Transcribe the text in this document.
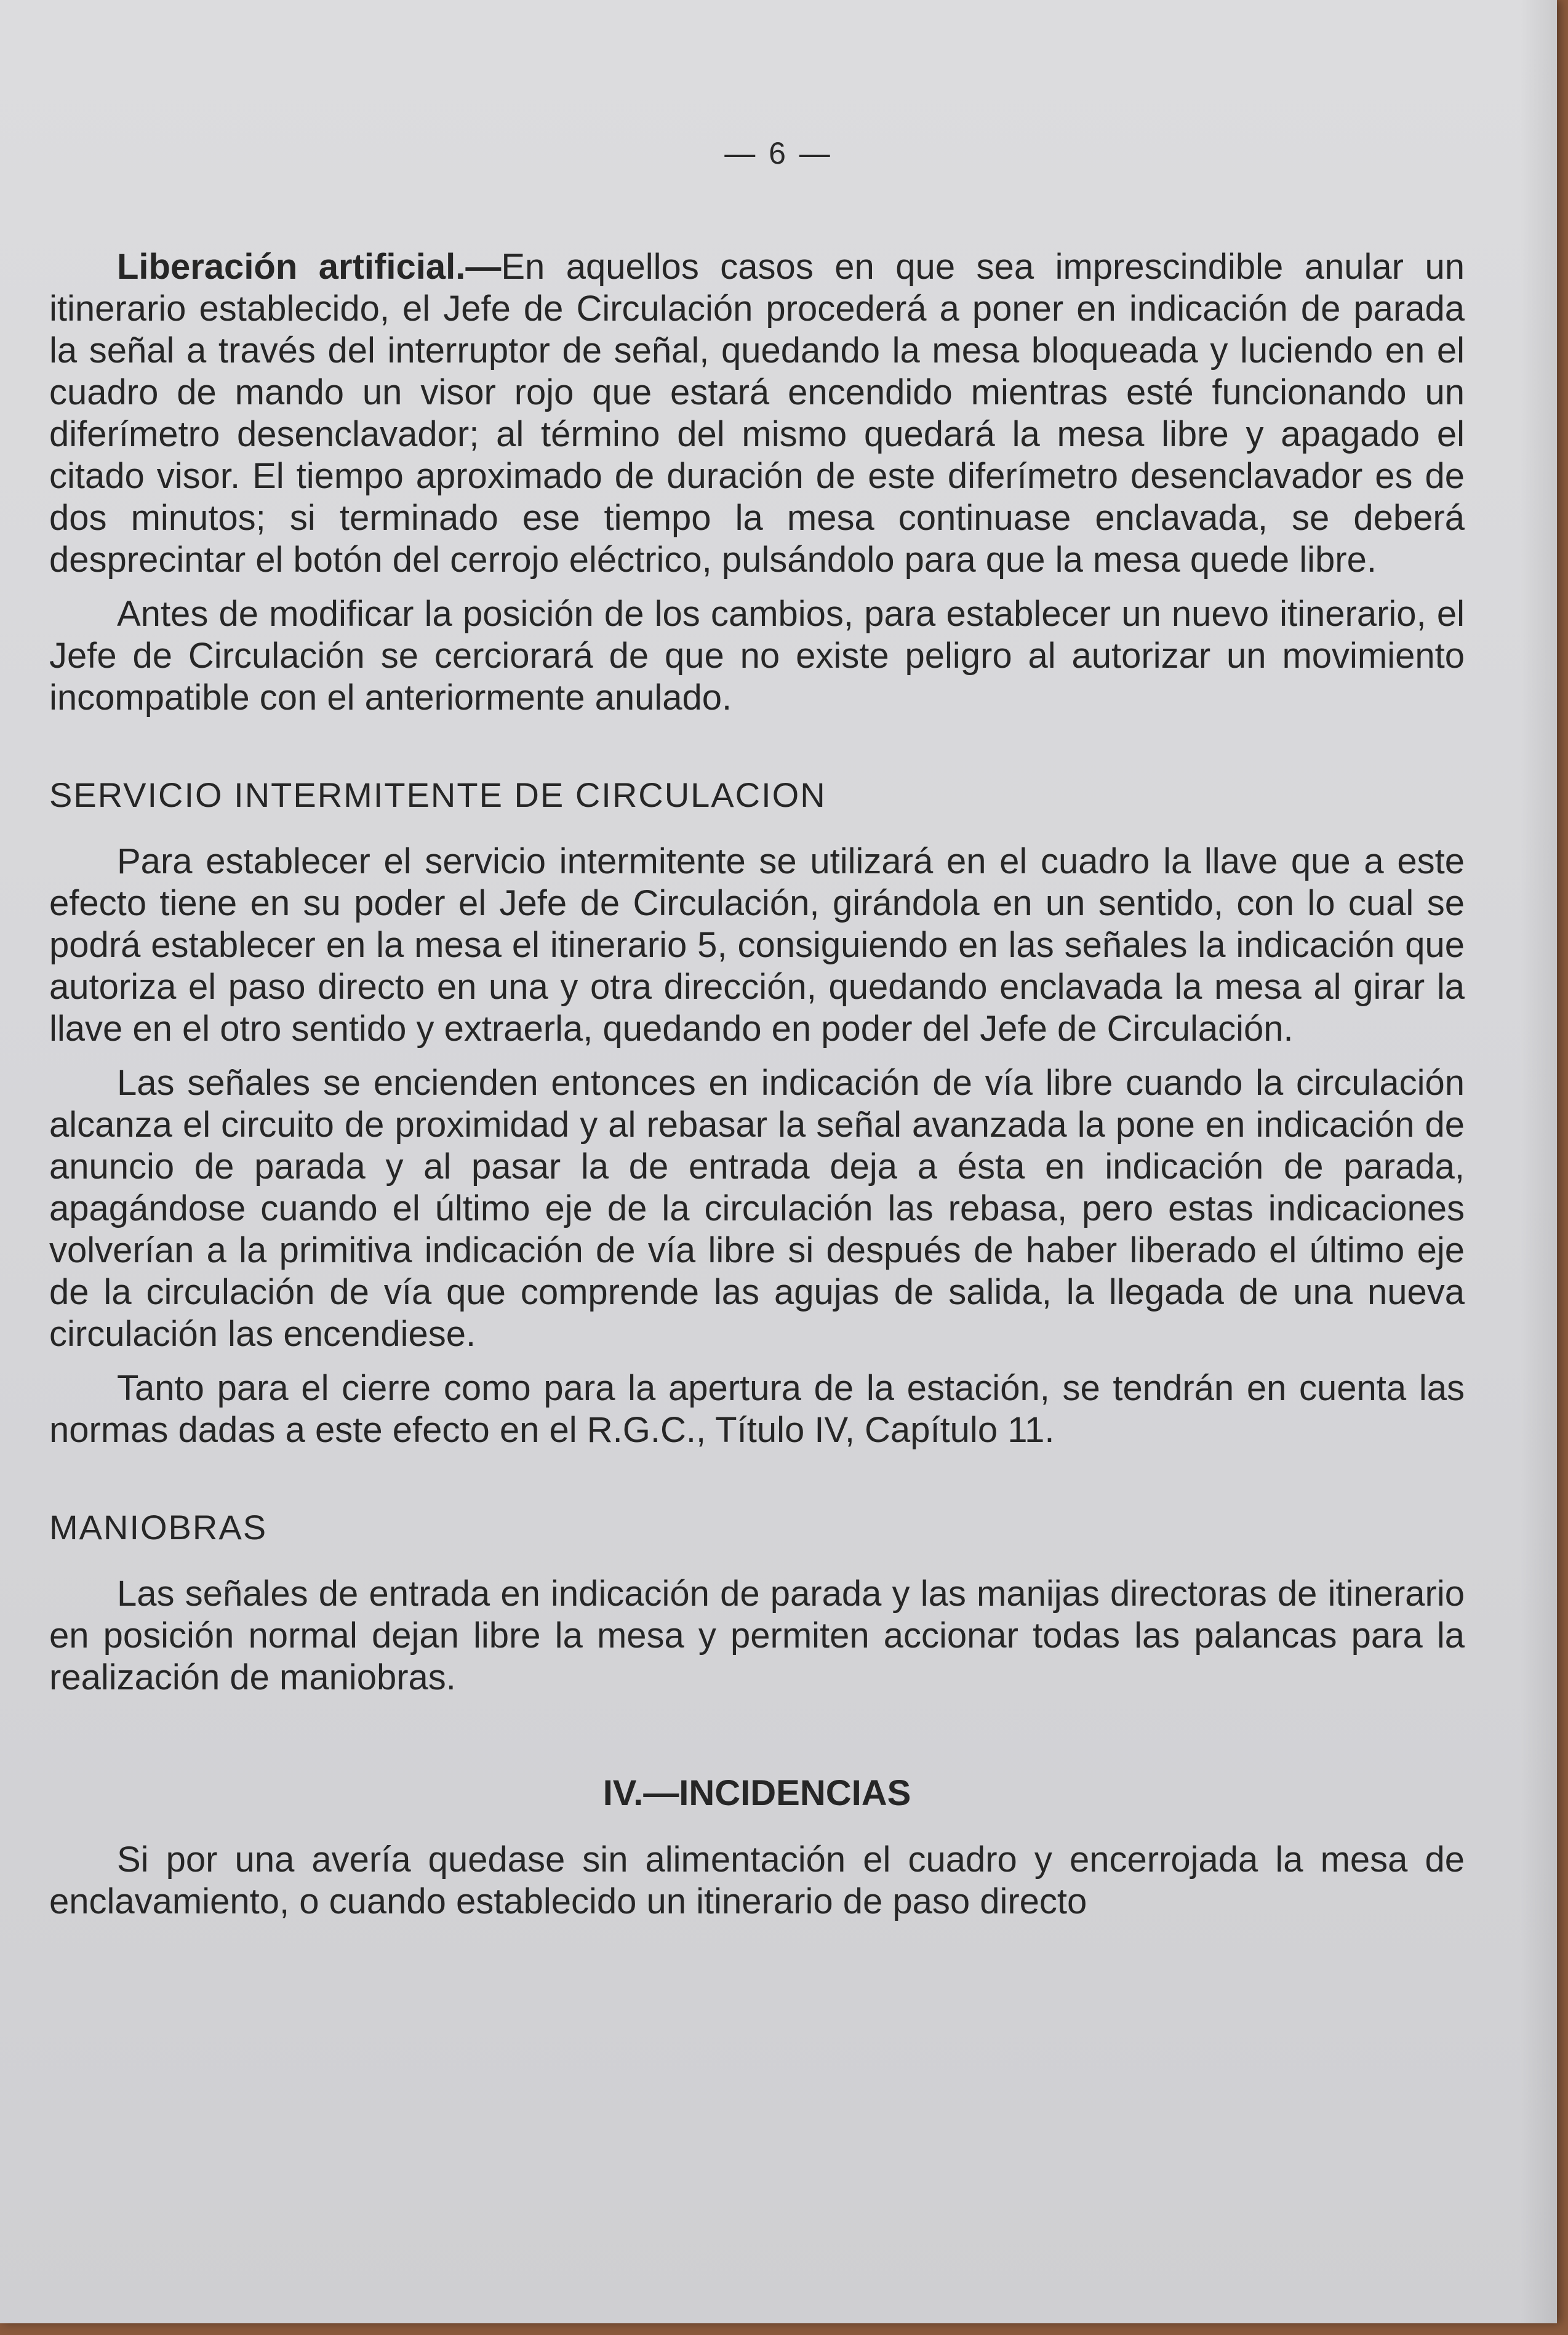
— 6 —

Liberación artificial.—En aquellos casos en que sea imprescindible anular un itinerario establecido, el Jefe de Circulación procederá a poner en indicación de parada la señal a través del interruptor de señal, quedando la mesa bloqueada y luciendo en el cuadro de mando un visor rojo que estará encendido mientras esté funcionando un diferímetro desenclavador; al término del mismo quedará la mesa libre y apagado el citado visor. El tiempo aproximado de duración de este diferímetro desenclavador es de dos minutos; si terminado ese tiempo la mesa continuase enclavada, se deberá desprecintar el botón del cerrojo eléctrico, pulsándolo para que la mesa quede libre.

Antes de modificar la posición de los cambios, para establecer un nuevo itinerario, el Jefe de Circulación se cerciorará de que no existe peligro al autorizar un movimiento incompatible con el anteriormente anulado.

SERVICIO INTERMITENTE DE CIRCULACION

Para establecer el servicio intermitente se utilizará en el cuadro la llave que a este efecto tiene en su poder el Jefe de Circulación, girándola en un sentido, con lo cual se podrá establecer en la mesa el itinerario 5, consiguiendo en las señales la indicación que autoriza el paso directo en una y otra dirección, quedando enclavada la mesa al girar la llave en el otro sentido y extraerla, quedando en poder del Jefe de Circulación.

Las señales se encienden entonces en indicación de vía libre cuando la circulación alcanza el circuito de proximidad y al rebasar la señal avanzada la pone en indicación de anuncio de parada y al pasar la de entrada deja a ésta en indicación de parada, apagándose cuando el último eje de la circulación las rebasa, pero estas indicaciones volverían a la primitiva indicación de vía libre si después de haber liberado el último eje de la circulación de vía que comprende las agujas de salida, la llegada de una nueva circulación las encendiese.

Tanto para el cierre como para la apertura de la estación, se tendrán en cuenta las normas dadas a este efecto en el R.G.C., Título IV, Capítulo 11.

MANIOBRAS

Las señales de entrada en indicación de parada y las manijas directoras de itinerario en posición normal dejan libre la mesa y permiten accionar todas las palancas para la realización de maniobras.

IV.—INCIDENCIAS

Si por una avería quedase sin alimentación el cuadro y encerrojada la mesa de enclavamiento, o cuando establecido un itinerario de paso directo
